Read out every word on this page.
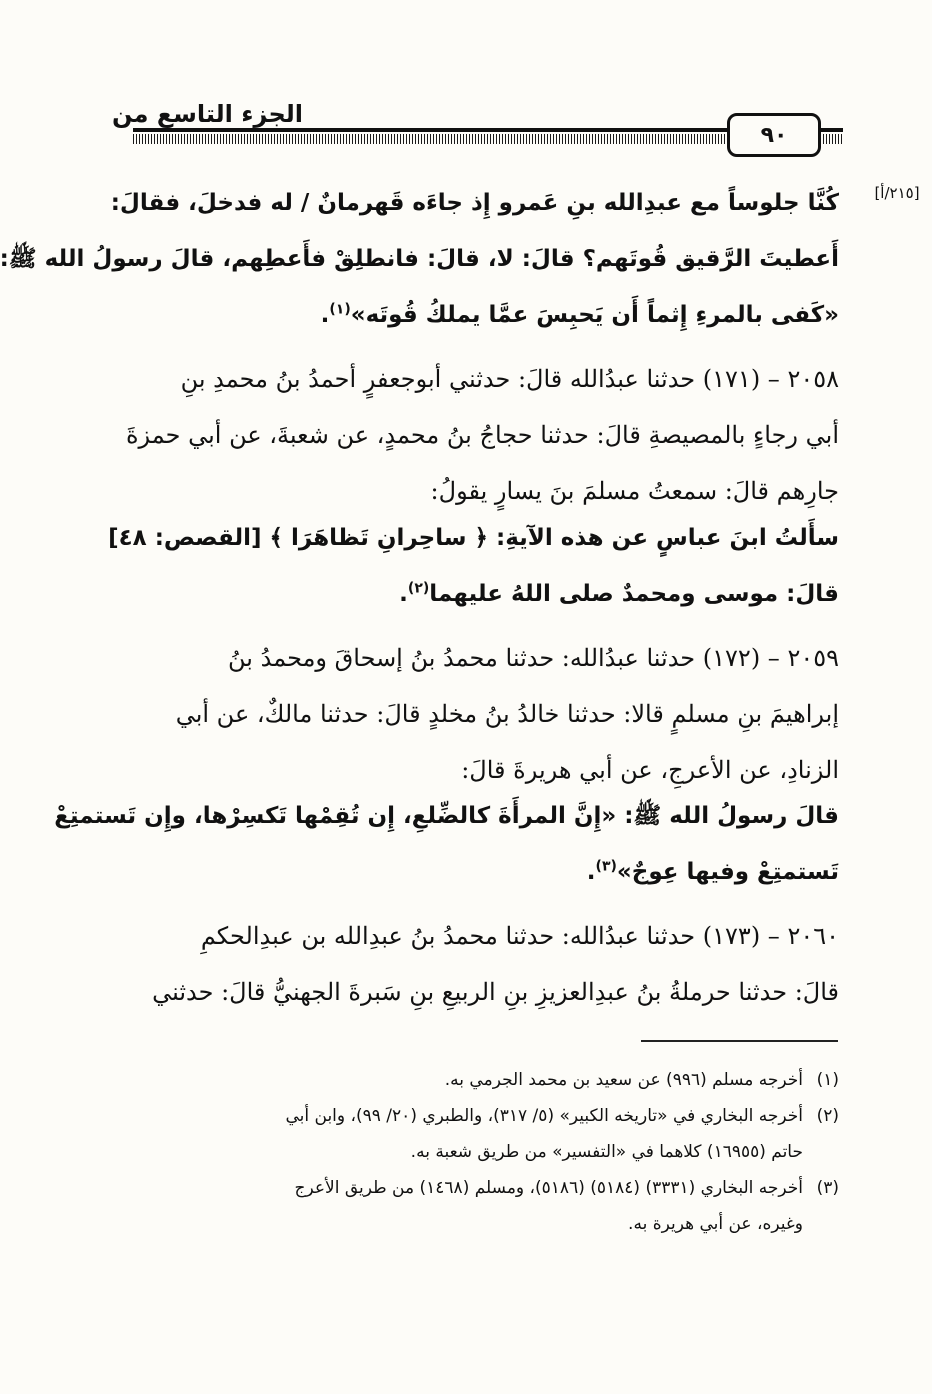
الجزء التاسع من
٩٠
[٢١٥/أ]
كُنَّا جلوساً مع عبدِالله بنِ عَمرو إِذ جاءَه قَهرمانٌ / له فدخلَ، فقالَ:
أَعطيتَ الرَّقيق قُوتَهم؟ قالَ: لا، قالَ: فانطلِقْ فأَعطِهم، قالَ رسولُ الله ﷺ:
«كَفى بالمرءِ إِثماً أَن يَحبِسَ عمَّا يملكُ قُوتَه»$^{(١)}$.
٢٠٥٨ – (١٧١) حدثنا عبدُالله قالَ: حدثني أبوجعفرٍ أحمدُ بنُ محمدِ بنِ
أبي رجاءٍ بالمصيصةِ قالَ: حدثنا حجاجُ بنُ محمدٍ، عن شعبةَ، عن أبي حمزةَ
جارِهم قالَ: سمعتُ مسلمَ بنَ يسارٍ يقولُ:
سأَلتُ ابنَ عباسٍ عن هذه الآيةِ: ﴿ ساحِرانِ تَظاهَرَا ﴾ [القصص: ٤٨]
قالَ: موسى ومحمدٌ صلى اللهُ عليهما$^{(٢)}$.
٢٠٥٩ – (١٧٢) حدثنا عبدُالله: حدثنا محمدُ بنُ إسحاقَ ومحمدُ بنُ
إبراهيمَ بنِ مسلمٍ قالا: حدثنا خالدُ بنُ مخلدٍ قالَ: حدثنا مالكٌ، عن أبي
الزنادِ، عن الأعرجِ، عن أبي هريرةَ قالَ:
قالَ رسولُ الله ﷺ: «إِنَّ المرأَةَ كالضِّلعِ، إِن تُقِمْها تَكسِرْها، وإِن تَستمتِعْ
تَستمتِعْ وفيها عِوجٌ»$^{(٣)}$.
٢٠٦٠ – (١٧٣) حدثنا عبدُالله: حدثنا محمدُ بنُ عبدِالله بن عبدِالحكمِ
قالَ: حدثنا حرملةُ بنُ عبدِالعزيزِ بنِ الربيعِ بنِ سَبرةَ الجهنيُّ قالَ: حدثني
(١)
أخرجه مسلم (٩٩٦) عن سعيد بن محمد الجرمي به.
(٢)
أخرجه البخاري في «تاريخه الكبير» (٥/ ٣١٧)، والطبري (٢٠/ ٩٩)، وابن أبي
حاتم (١٦٩٥٥) كلاهما في «التفسير» من طريق شعبة به.
(٣)
أخرجه البخاري (٣٣٣١) (٥١٨٤) (٥١٨٦)، ومسلم (١٤٦٨) من طريق الأعرج
وغيره، عن أبي هريرة به.
